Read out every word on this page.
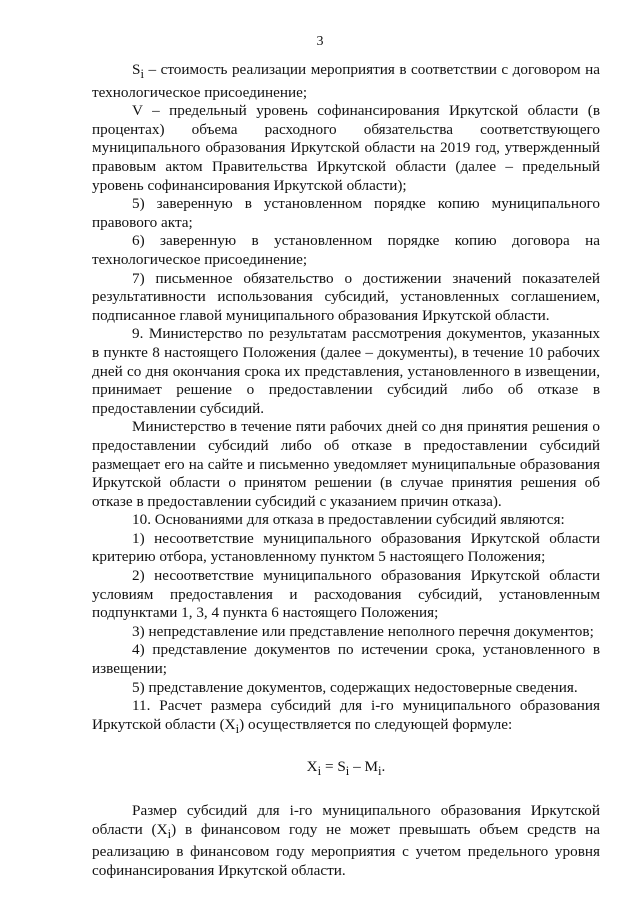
3

$S_i$ – стоимость реализации мероприятия в соответствии с договором на технологическое присоединение;

V – предельный уровень софинансирования Иркутской области (в процентах) объема расходного обязательства соответствующего муниципального образования Иркутской области на 2019 год, утвержденный правовым актом Правительства Иркутской области (далее – предельный уровень софинансирования Иркутской области);

5) заверенную в установленном порядке копию муниципального правового акта;

6) заверенную в установленном порядке копию договора на технологическое присоединение;

7) письменное обязательство о достижении значений показателей результативности использования субсидий, установленных соглашением, подписанное главой муниципального образования Иркутской области.

9. Министерство по результатам рассмотрения документов, указанных в пункте 8 настоящего Положения (далее – документы), в течение 10 рабочих дней со дня окончания срока их представления, установленного в извещении, принимает решение о предоставлении субсидий либо об отказе в предоставлении субсидий.

Министерство в течение пяти рабочих дней со дня принятия решения о предоставлении субсидий либо об отказе в предоставлении субсидий размещает его на сайте и письменно уведомляет муниципальные образования Иркутской области о принятом решении (в случае принятия решения об отказе в предоставлении субсидий с указанием причин отказа).

10. Основаниями для отказа в предоставлении субсидий являются:

1) несоответствие муниципального образования Иркутской области критерию отбора, установленному пунктом 5 настоящего Положения;

2) несоответствие муниципального образования Иркутской области условиям предоставления и расходования субсидий, установленным подпунктами 1, 3, 4 пункта 6 настоящего Положения;

3) непредставление или представление неполного перечня документов;

4) представление документов по истечении срока, установленного в извещении;

5) представление документов, содержащих недостоверные сведения.

11. Расчет размера субсидий для i-го муниципального образования Иркутской области $(X_i)$ осуществляется по следующей формуле:

$X_i = S_i - M_i$.

Размер субсидий для i-го муниципального образования Иркутской области $(X_i)$ в финансовом году не может превышать объем средств на реализацию в финансовом году мероприятия с учетом предельного уровня софинансирования Иркутской области.
